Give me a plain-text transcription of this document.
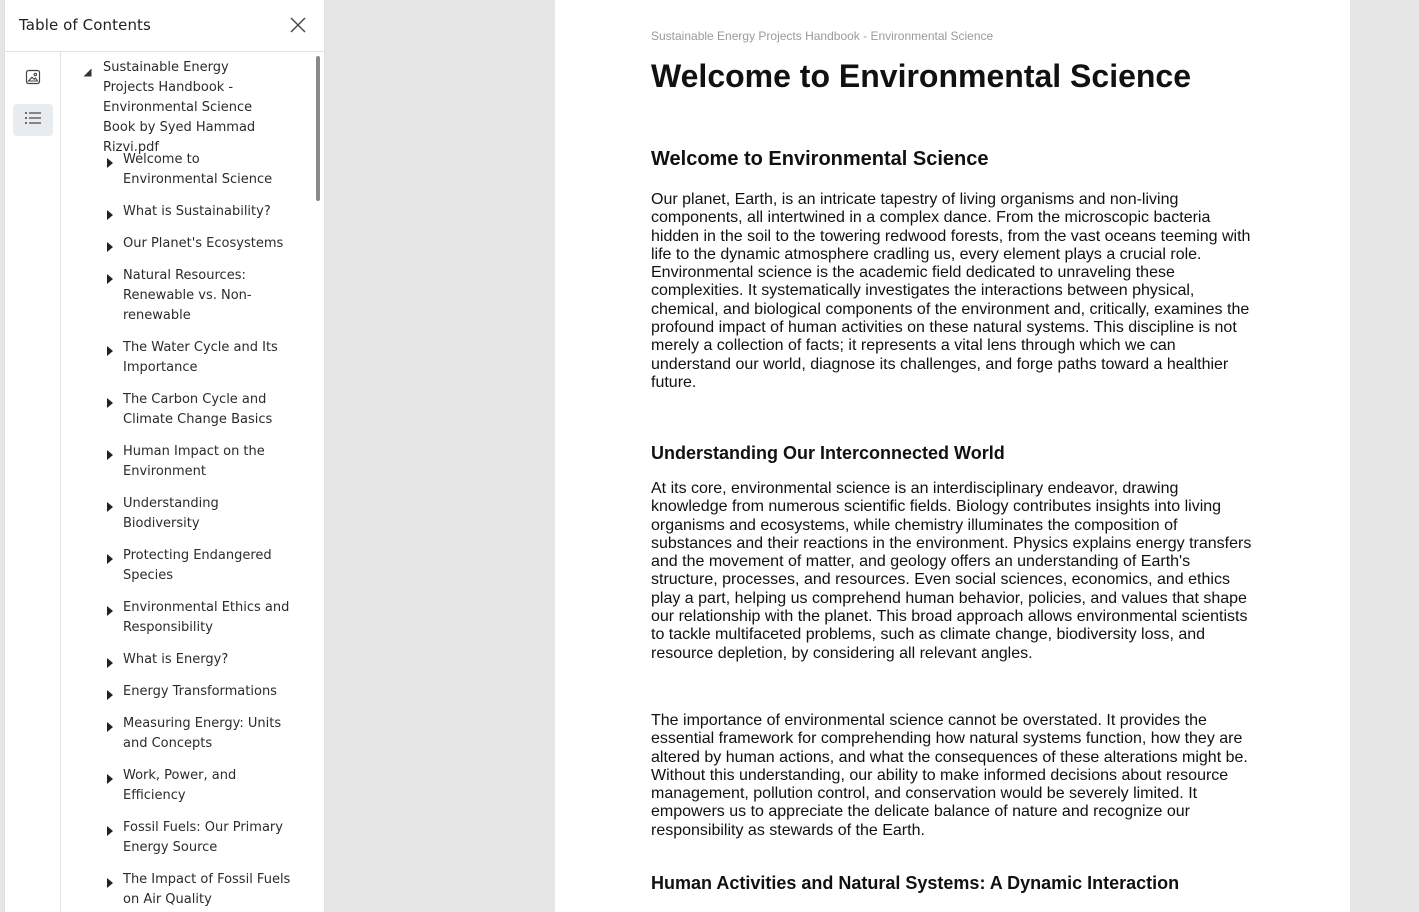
Table of Contents
Sustainable Energy Projects Handbook - Environmental Science Book by Syed Hammad Rizvi.pdf
Welcome to Environmental Science
What is Sustainability?
Our Planet's Ecosystems
Natural Resources: Renewable vs. Non-renewable
The Water Cycle and Its Importance
The Carbon Cycle and Climate Change Basics
Human Impact on the Environment
Understanding Biodiversity
Protecting Endangered Species
Environmental Ethics and Responsibility
What is Energy?
Energy Transformations
Measuring Energy: Units and Concepts
Work, Power, and Efficiency
Fossil Fuels: Our Primary Energy Source
The Impact of Fossil Fuels on Air Quality
Sustainable Energy Projects Handbook - Environmental Science
Welcome to Environmental Science
Welcome to Environmental Science
Our planet, Earth, is an intricate tapestry of living organisms and non-living components, all intertwined in a complex dance. From the microscopic bacteria hidden in the soil to the towering redwood forests, from the vast oceans teeming with life to the dynamic atmosphere cradling us, every element plays a crucial role. Environmental science is the academic field dedicated to unraveling these complexities. It systematically investigates the interactions between physical, chemical, and biological components of the environment and, critically, examines the profound impact of human activities on these natural systems. This discipline is not merely a collection of facts; it represents a vital lens through which we can understand our world, diagnose its challenges, and forge paths toward a healthier future.
Understanding Our Interconnected World
At its core, environmental science is an interdisciplinary endeavor, drawing knowledge from numerous scientific fields. Biology contributes insights into living organisms and ecosystems, while chemistry illuminates the composition of substances and their reactions in the environment. Physics explains energy transfers and the movement of matter, and geology offers an understanding of Earth's structure, processes, and resources. Even social sciences, economics, and ethics play a part, helping us comprehend human behavior, policies, and values that shape our relationship with the planet. This broad approach allows environmental scientists to tackle multifaceted problems, such as climate change, biodiversity loss, and resource depletion, by considering all relevant angles.
The importance of environmental science cannot be overstated. It provides the essential framework for comprehending how natural systems function, how they are altered by human actions, and what the consequences of these alterations might be. Without this understanding, our ability to make informed decisions about resource management, pollution control, and conservation would be severely limited. It empowers us to appreciate the delicate balance of nature and recognize our responsibility as stewards of the Earth.
Human Activities and Natural Systems: A Dynamic Interaction
